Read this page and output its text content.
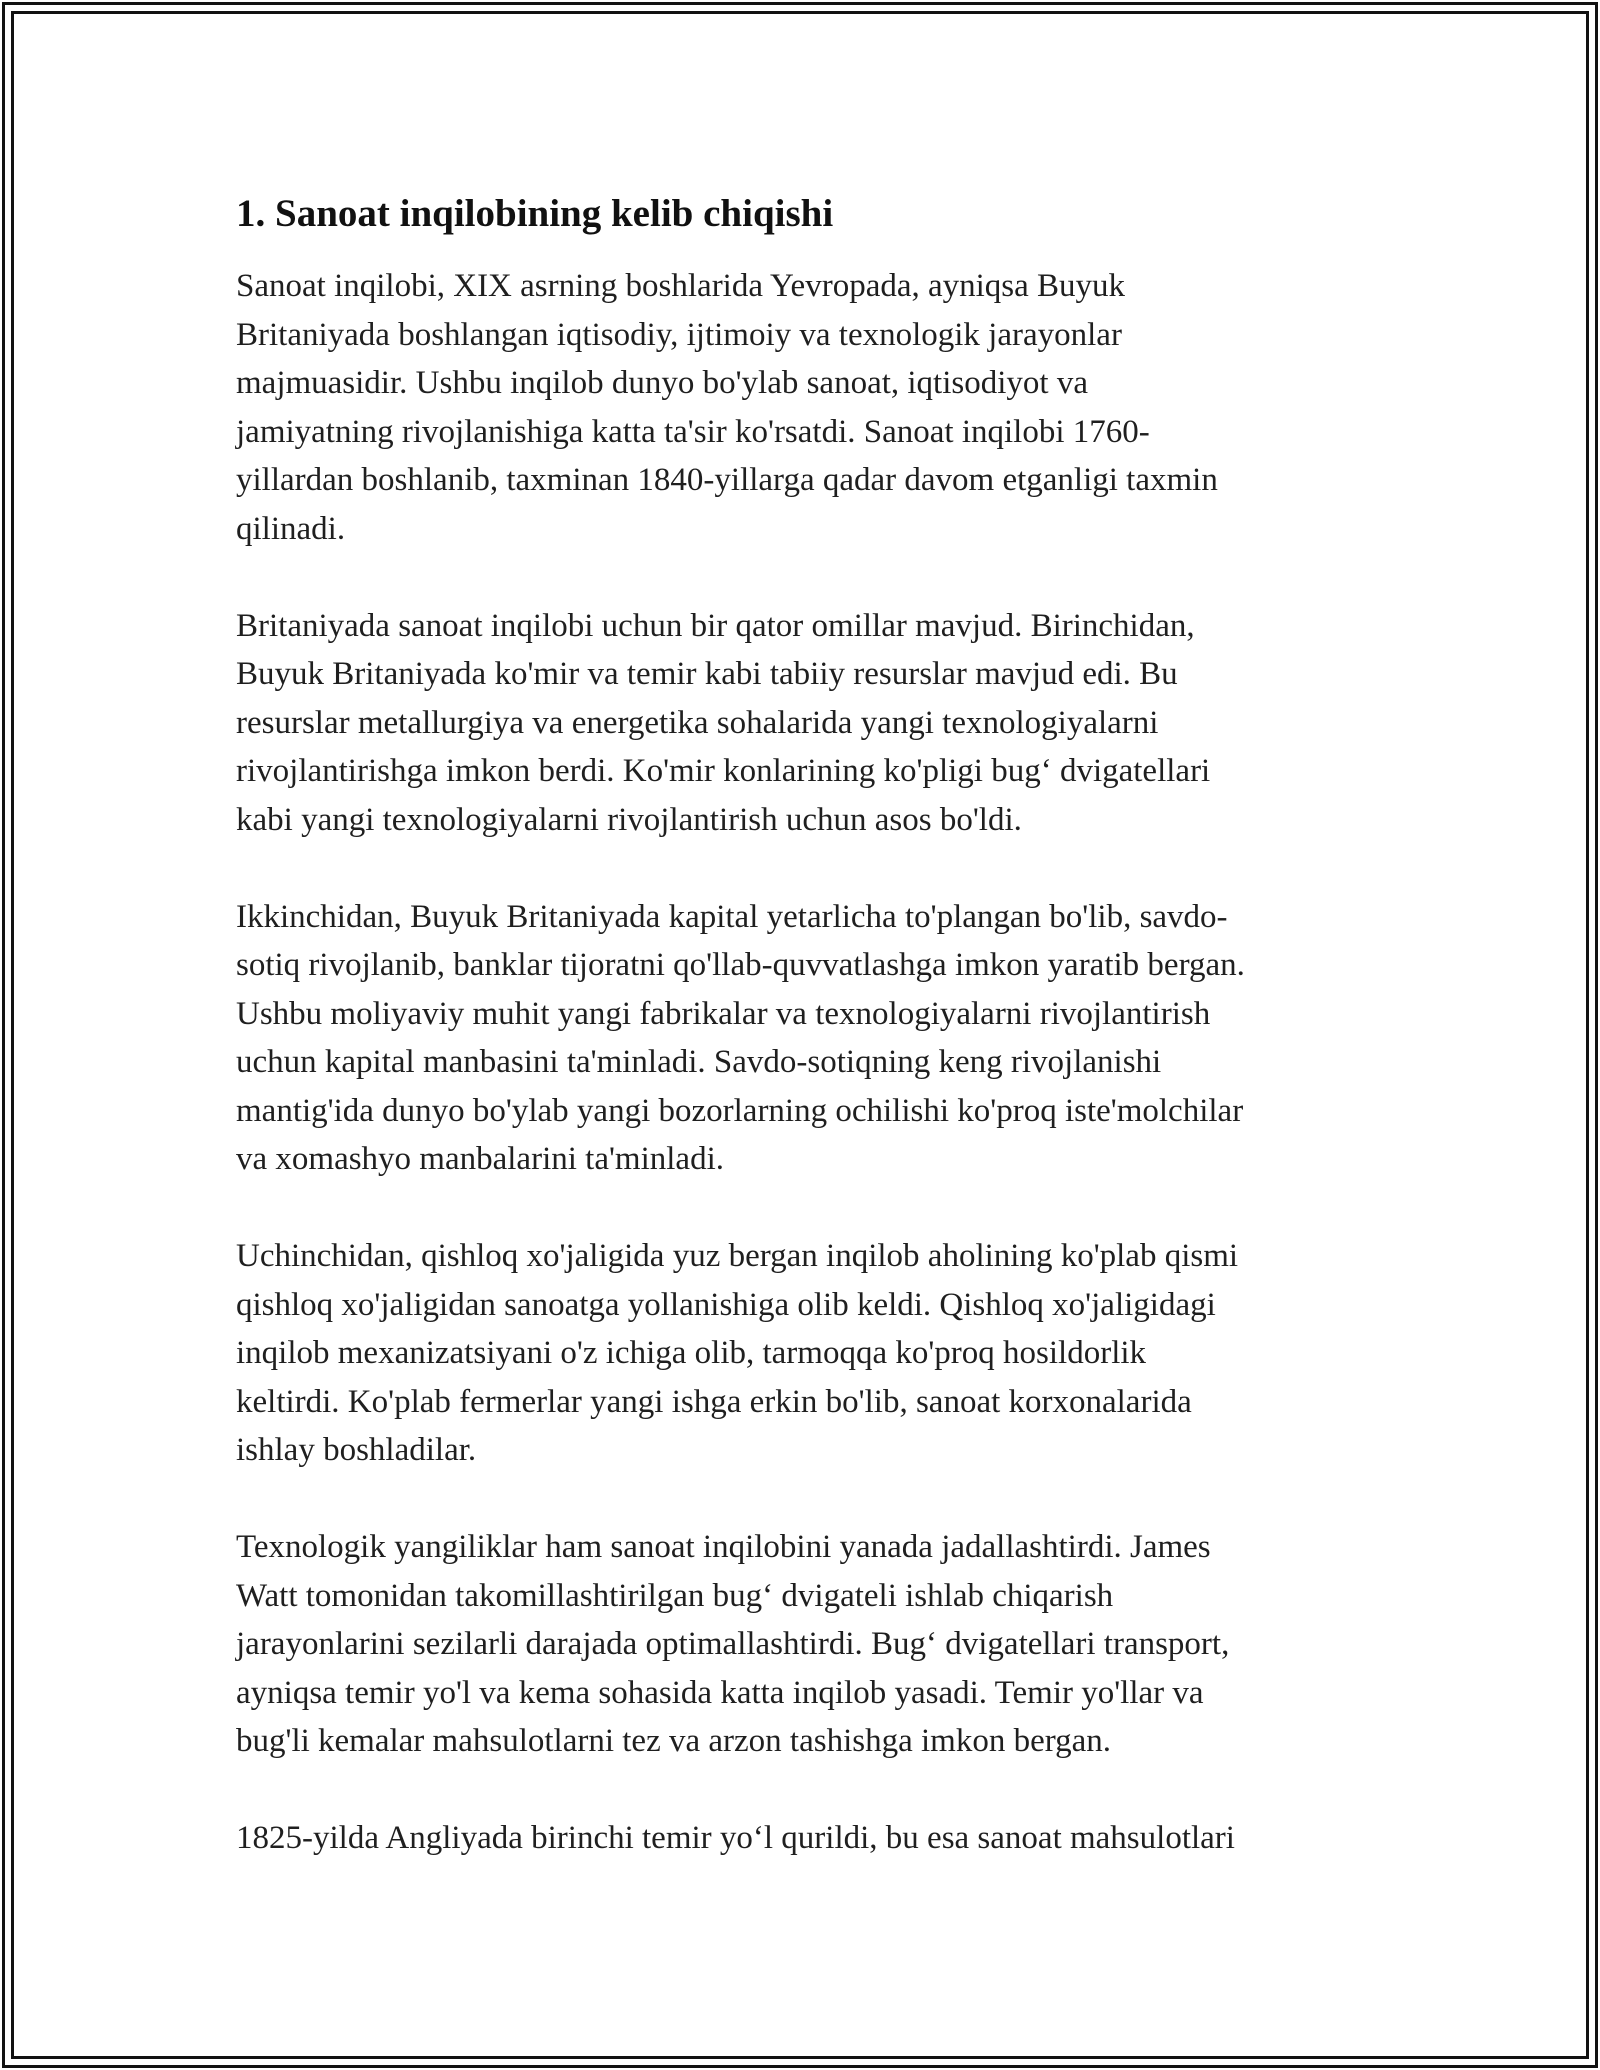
1. Sanoat inqilobining kelib chiqishi

Sanoat inqilobi, XIX asrning boshlarida Yevropada, ayniqsa Buyuk
Britaniyada boshlangan iqtisodiy, ijtimoiy va texnologik jarayonlar
majmuasidir. Ushbu inqilob dunyo bo'ylab sanoat, iqtisodiyot va
jamiyatning rivojlanishiga katta ta'sir ko'rsatdi. Sanoat inqilobi 1760-
yillardan boshlanib, taxminan 1840-yillarga qadar davom etganligi taxmin
qilinadi.

Britaniyada sanoat inqilobi uchun bir qator omillar mavjud. Birinchidan,
Buyuk Britaniyada ko'mir va temir kabi tabiiy resurslar mavjud edi. Bu
resurslar metallurgiya va energetika sohalarida yangi texnologiyalarni
rivojlantirishga imkon berdi. Ko'mir konlarining ko'pligi bug‘ dvigatellari
kabi yangi texnologiyalarni rivojlantirish uchun asos bo'ldi.

Ikkinchidan, Buyuk Britaniyada kapital yetarlicha to'plangan bo'lib, savdo-
sotiq rivojlanib, banklar tijoratni qo'llab-quvvatlashga imkon yaratib bergan.
Ushbu moliyaviy muhit yangi fabrikalar va texnologiyalarni rivojlantirish
uchun kapital manbasini ta'minladi. Savdo-sotiqning keng rivojlanishi
mantig'ida dunyo bo'ylab yangi bozorlarning ochilishi ko'proq iste'molchilar
va xomashyo manbalarini ta'minladi.

Uchinchidan, qishloq xo'jaligida yuz bergan inqilob aholining ko'plab qismi
qishloq xo'jaligidan sanoatga yollanishiga olib keldi. Qishloq xo'jaligidagi
inqilob mexanizatsiyani o'z ichiga olib, tarmoqqa ko'proq hosildorlik
keltirdi. Ko'plab fermerlar yangi ishga erkin bo'lib, sanoat korxonalarida
ishlay boshladilar.

Texnologik yangiliklar ham sanoat inqilobini yanada jadallashtirdi. James
Watt tomonidan takomillashtirilgan bug‘ dvigateli ishlab chiqarish
jarayonlarini sezilarli darajada optimallashtirdi. Bug‘ dvigatellari transport,
ayniqsa temir yo'l va kema sohasida katta inqilob yasadi. Temir yo'llar va
bug'li kemalar mahsulotlarni tez va arzon tashishga imkon bergan.

1825-yilda Angliyada birinchi temir yo‘l qurildi, bu esa sanoat mahsulotlari
